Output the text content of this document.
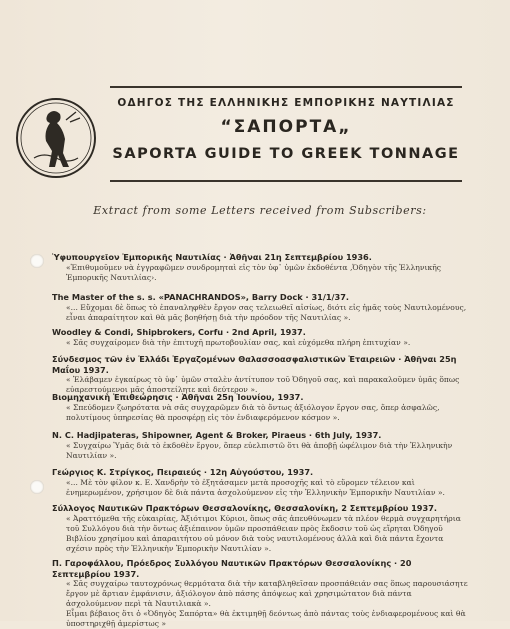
ΟΔΗΓΟΣ ΤΗΣ ΕΛΛΗΝΙΚΗΣ ΕΜΠΟΡΙΚΗΣ ΝΑΥΤΙΛΙΑΣ
“ΣΑΠΟΡΤΑ„
SAPORTA GUIDE TO GREEK TONNAGE
Extract from some Letters received from Subscribers:
Ὑφυπουργεῖον Ἐμπορικῆς Ναυτιλίας · Ἀθῆναι 21η Σεπτεμβρίου 1936.
«Ἐπιθυμοῦμεν νὰ ἐγγραφῶμεν συνδρομηταὶ εἰς τὸν ὑφ᾽ ὑμῶν ἐκδοθέντα ‚Ὀδηγὸν τῆς Ἑλληνικῆς Ἐμπορικῆς Ναυτιλίας›.
The Master of the s. s. «PANACHRANDOS», Barry Dock · 31/1/37.
«... Εὔχομαι δὲ ὅπως τὸ ἐπαναληφθὲν ἔργον σας τελειωθεῖ αἰσίως, διότι εἰς ἡμᾶς τοὺς Ναυτιλομένους, εἶναι ἀπαραίτητον καὶ θὰ μᾶς βοηθήσῃ διὰ τὴν πρόοδον τῆς Ναυτιλίας ».
Woodley & Condi, Shipbrokers, Corfu · 2nd April, 1937.
« Σᾶς συγχαίρομεν διὰ τὴν ἐπιτυχῆ πρωτοβουλίαν σας, καὶ εὐχόμεθα πλήρη ἐπιτυχίαν ».
Σύνδεσμος τῶν ἐν Ἑλλάδι Ἐργαζομένων Θαλασσοασφαλιστικῶν Ἑταιρειῶν · Ἀθῆναι 25η Μαΐου 1937.
« Ἐλάβαμεν ἐγκαίρως τὸ ὑφ᾽ ὑμῶν σταλὲν ἀντίτυπον τοῦ Ὀδηγοῦ σας, καὶ παρακαλοῦμεν ὑμᾶς ὅπως εὐαρεστούμενοι μᾶς ἀποστείλητε καὶ δεύτερον ».
Βιομηχανικὴ Ἐπιθεώρησις · Ἀθῆναι 25η Ἰουνίου, 1937.
« Σπεύδομεν ζωηρότατα νὰ σᾶς συγχαρῶμεν διὰ τὸ ὄντως ἀξιόλογον ἔργον σας, ὅπερ ἀσφαλῶς, πολυτίμους ὑπηρεσίας θὰ προσφέρῃ εἰς τὸν ἐνδιαφερόμενον κόσμον ».
N. C. Hadjipaterаs, Shipowner, Agent & Broker, Piraeus · 6th July, 1937.
« Συγχαίρω Ὑμᾶς διὰ τὸ ἐκδοθὲν ἔργον, ὅπερ εὐελπιστῶ ὅτι θὰ ἀποβῇ ὠφέλιμον διὰ τὴν Ἑλληνικὴν Ναυτιλίαν ».
Γεώργιος Κ. Στρίγκος, Πειραιεύς · 12η Αὐγούστου, 1937.
«... Μὲ τὸν φίλον κ. Ε. Χανδρὴν τὸ ἐξητάσαμεν μετὰ προσοχῆς καὶ τὸ εὕρομεν τέλειον καὶ ἐνημερωμένον, χρήσιμον δὲ διὰ πάντα ἀσχολούμενον εἰς τὴν Ἑλληνικὴν Ἐμπορικὴν Ναυτιλίαν ».
Σύλλογος Ναυτικῶν Πρακτόρων Θεσσαλονίκης, Θεσσαλονίκη, 2 Σεπτεμβρίου 1937.
« Ἀραττόμεθα τῆς εὐκαιρίας, Ἀξιότιμοι Κύριοι, ὅπως σᾶς ἀπευθύνωμεν τὰ πλέον θερμὰ συγχαρητήρια τοῦ Συλλόγου διὰ τὴν ὄντως ἀξιέπαινον ὑμῶν προσπάθειαν πρὸς ἔκδοσιν τοῦ ὡς εἴρηται Ὀδηγοῦ Βιβλίου χρησίμου καὶ ἀπαραιτήτου οὐ μόνον διὰ τοὺς ναυτιλομένους ἀλλὰ καὶ διὰ πάντα ἔχοντα σχέσιν πρὸς τὴν Ἑλληνικὴν Ἐμπορικὴν Ναυτιλίαν ».
Π. Γαροφάλλου, Πρόεδρος Συλλόγου Ναυτικῶν Πρακτόρων Θεσσαλονίκης · 20 Σεπτεμβρίου 1937.
« Σᾶς συγχαίρω ταυτοχρόνως θερμότατα διὰ τὴν καταβληθεῖσαν προσπάθειάν σας ὅπως παρουσιάσητε ἔργον μὲ ἄρτιαν ἐμφάνισιν, ἀξιόλογον ἀπὸ πάσης ἀπόψεως καὶ χρησιμώτατον διὰ πάντα ἀσχολούμενον περὶ τὰ Ναυτιλιακὰ ».
Εἶμαι βέβαιος ὅτι ὁ «Ὀδηγὸς Σαπόρτα» θὰ ἐκτιμηθῇ δεόντως ἀπὸ πάντας τοὺς ἐνδιαφερομένους καὶ θὰ ὑποστηριχθῇ ἀμερίστως »
